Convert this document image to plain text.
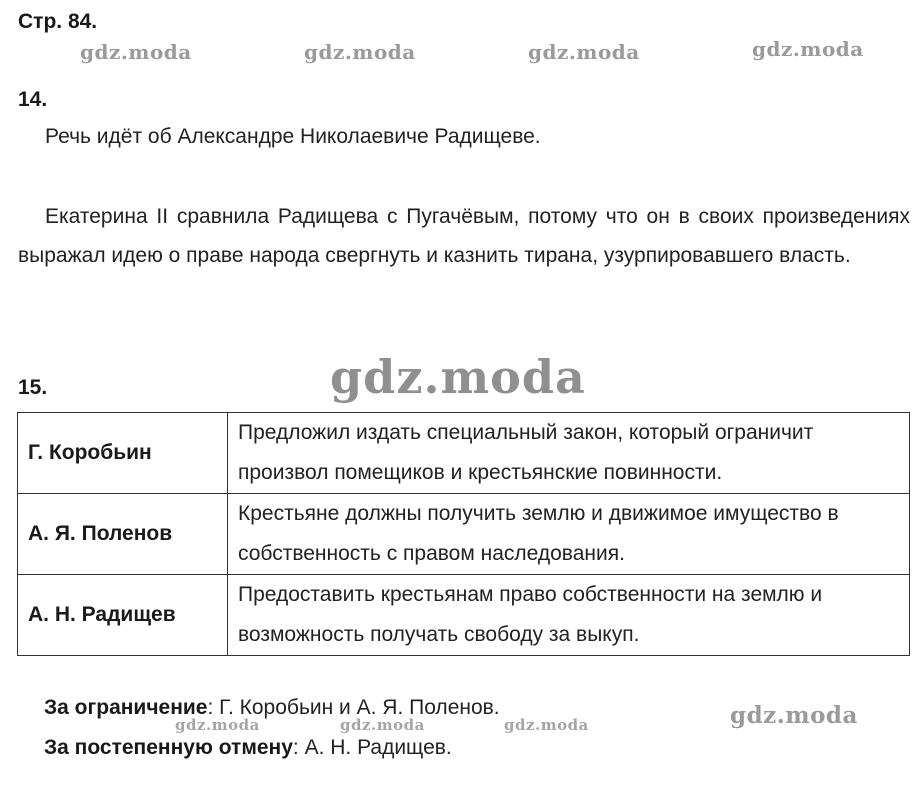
Стр. 84.
gdz.moda	gdz.moda	gdz.moda	gdz.moda
14.
Речь идёт об Александре Николаевиче Радищеве.
Екатерина II сравнила Радищева с Пугачёвым, потому что он в своих произведениях выражал идею о праве народа свергнуть и казнить тирана, узурпировавшего власть.
gdz.moda
15.
Г. Коробьин	Предложил издать специальный закон, который ограничит произвол помещиков и крестьянские повинности.
А. Я. Поленов	Крестьяне должны получить землю и движимое имущество в собственность с правом наследования.
А. Н. Радищев	Предоставить крестьянам право собственности на землю и возможность получать свободу за выкуп.
За ограничение: Г. Коробьин и А. Я. Поленов.
За постепенную отмену: А. Н. Радищев.
gdz.moda	gdz.moda	gdz.moda	gdz.moda
